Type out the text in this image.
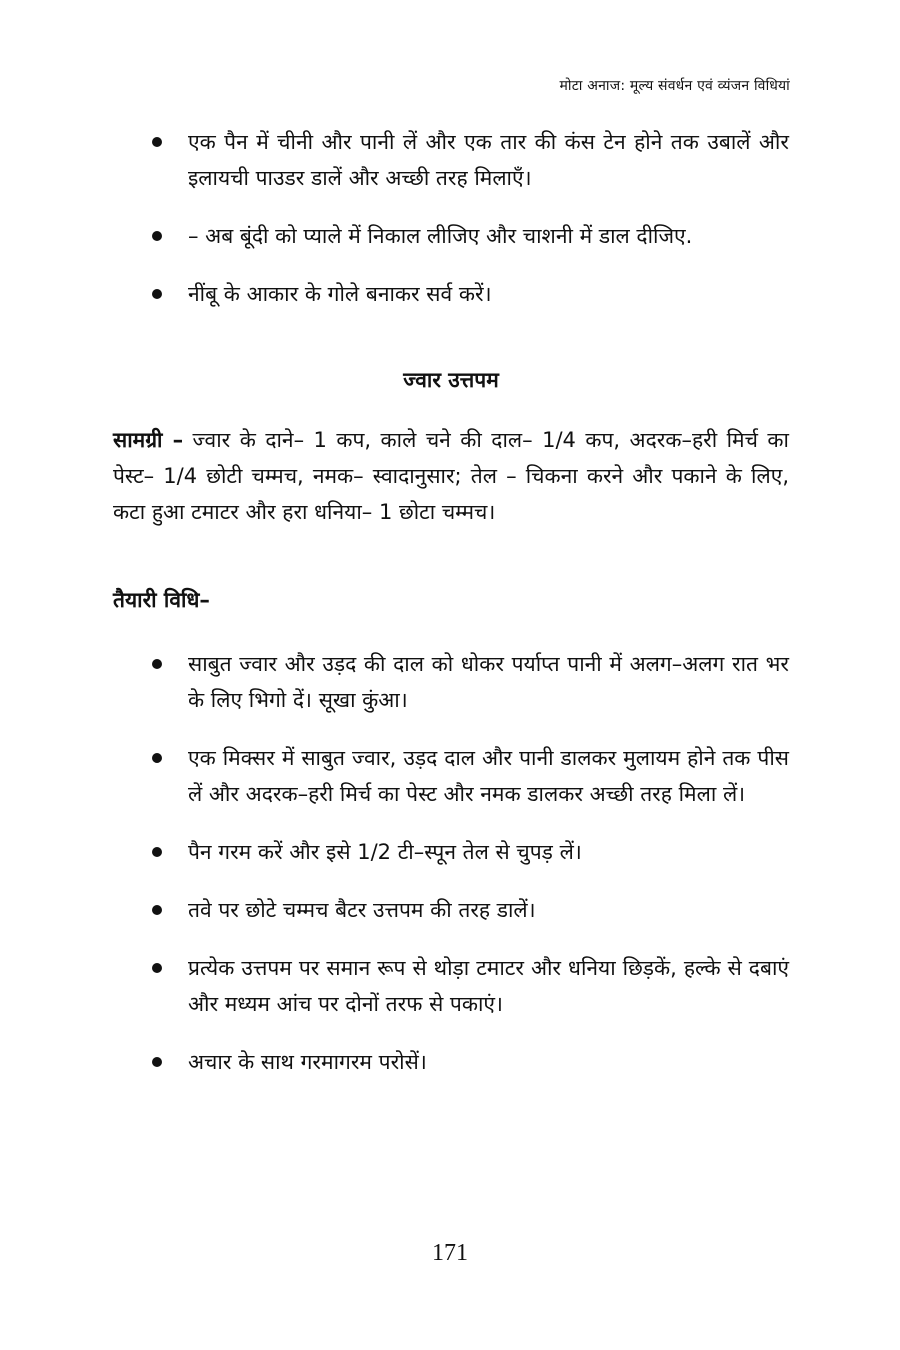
मोटा अनाज: मूल्य संवर्धन एवं व्यंजन विधियां
एक पैन में चीनी और पानी लें और एक तार की कंस टेन होने तक उबालें और इलायची पाउडर डालें और अच्छी तरह मिलाएँ।
– अब बूंदी को प्याले में निकाल लीजिए और चाशनी में डाल दीजिए.
नींबू के आकार के गोले बनाकर सर्व करें।
ज्वार उत्तपम

सामग्री – ज्वार के दाने– 1 कप, काले चने की दाल– 1/4 कप, अदरक–हरी मिर्च का पेस्ट– 1/4 छोटी चम्मच, नमक– स्वादानुसार; तेल – चिकना करने और पकाने के लिए, कटा हुआ टमाटर और हरा धनिया– 1 छोटा चम्मच।

तैयारी विधि–
साबुत ज्वार और उड़द की दाल को धोकर पर्याप्त पानी में अलग–अलग रात भर के लिए भिगो दें। सूखा कुंआ।
एक मिक्सर में साबुत ज्वार, उड़द दाल और पानी डालकर मुलायम होने तक पीस लें और अदरक–हरी मिर्च का पेस्ट और नमक डालकर अच्छी तरह मिला लें।
पैन गरम करें और इसे 1/2 टी–स्पून तेल से चुपड़ लें।
तवे पर छोटे चम्मच बैटर उत्तपम की तरह डालें।
प्रत्येक उत्तपम पर समान रूप से थोड़ा टमाटर और धनिया छिड़कें, हल्के से दबाएं और मध्यम आंच पर दोनों तरफ से पकाएं।
अचार के साथ गरमागरम परोसें।
171
